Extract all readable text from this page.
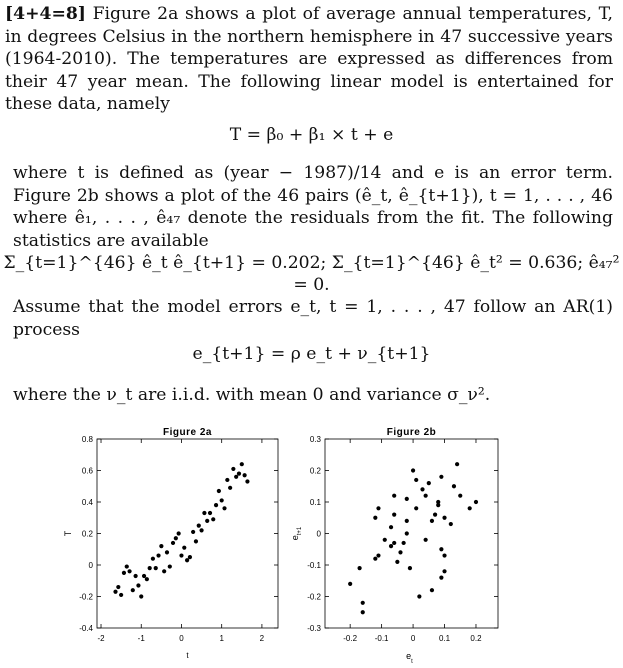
[4+4=8] Figure 2a shows a plot of average annual temperatures, T, in degrees Celsius in the northern hemisphere in 47 successive years (1964-2010). The temperatures are expressed as differences from their 47 year mean. The following linear model is entertained for these data, namely
T = β₀ + β₁ × t + e
where t is defined as (year − 1987)/14 and e is an error term. Figure 2b shows a plot of the 46 pairs (ê_t, ê_{t+1}), t = 1, . . . , 46 where ê₁, . . . , ê₄₇ denote the residuals from the fit. The following statistics are available
Σ_{t=1}^{46} ê_t ê_{t+1} = 0.202; Σ_{t=1}^{46} ê_t² = 0.636; ê₄₇² = 0.
Assume that the model errors e_t, t = 1, . . . , 47 follow an AR(1) process
e_{t+1} = ρ e_t + ν_{t+1}
where the ν_t are i.i.d. with mean 0 and variance σ_ν².
Figure 2a
-2	-1	0	1	2
-0.4
-0.2
0
0.2
0.4
0.6
0.8
t
T
Figure 2b
-0.2 -0.1	0	0.1	0.2
-0.3
-0.2
-0.1
0
0.1
0.2
0.3
$e_t$
$e_{t+1}$
